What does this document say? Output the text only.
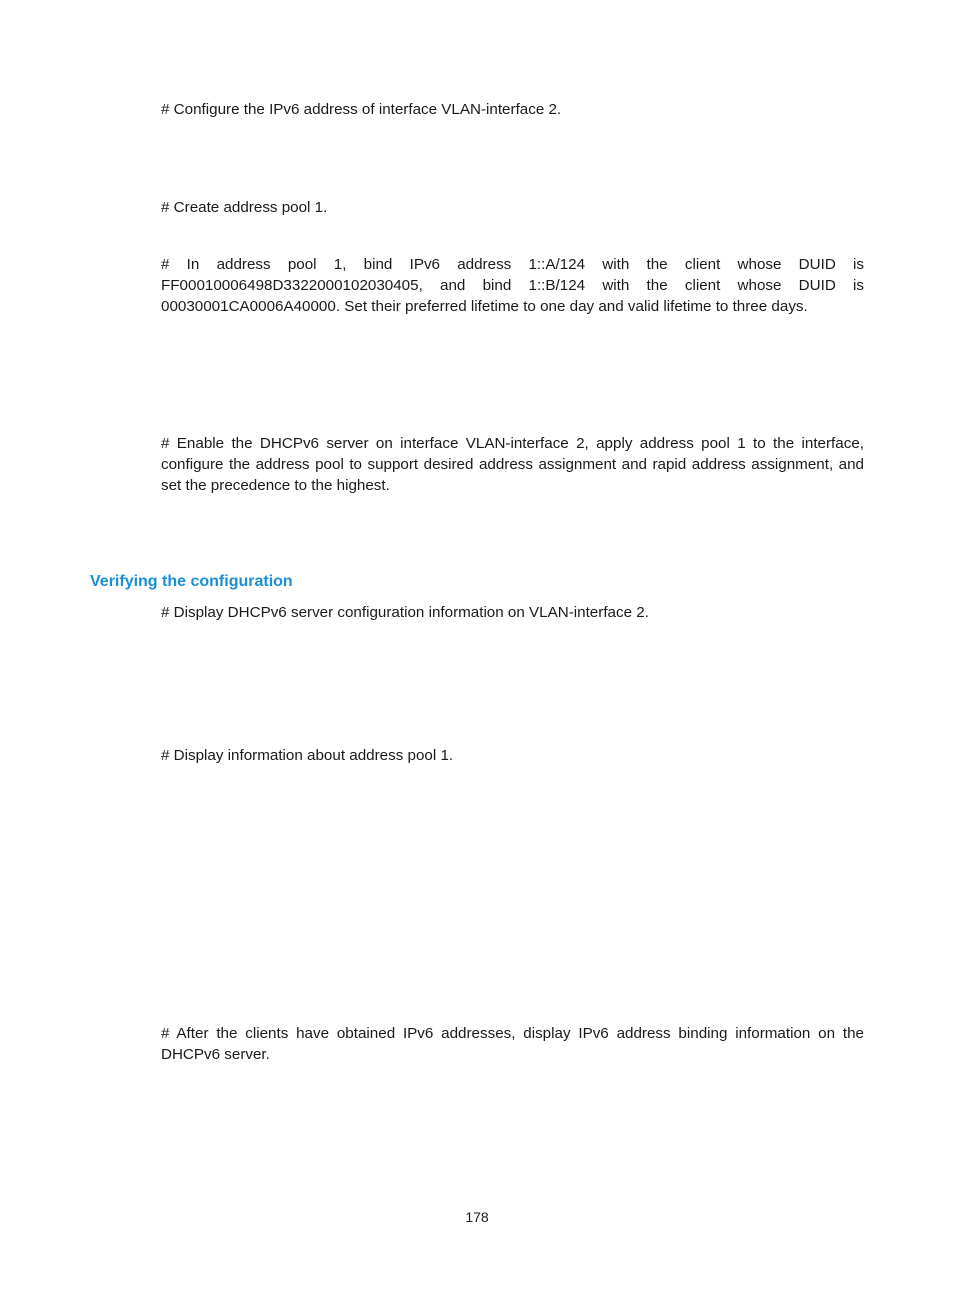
# Configure the IPv6 address of interface VLAN-interface 2.

# Create address pool 1.

# In address pool 1, bind IPv6 address 1::A/124 with the client whose DUID is FF00010006498D3322000102030405, and bind 1::B/124 with the client whose DUID is 00030001CA0006A40000. Set their preferred lifetime to one day and valid lifetime to three days.

# Enable the DHCPv6 server on interface VLAN-interface 2, apply address pool 1 to the interface, configure the address pool to support desired address assignment and rapid address assignment, and set the precedence to the highest.

Verifying the configuration

# Display DHCPv6 server configuration information on VLAN-interface 2.

# Display information about address pool 1.

# After the clients have obtained IPv6 addresses, display IPv6 address binding information on the DHCPv6 server.

178
